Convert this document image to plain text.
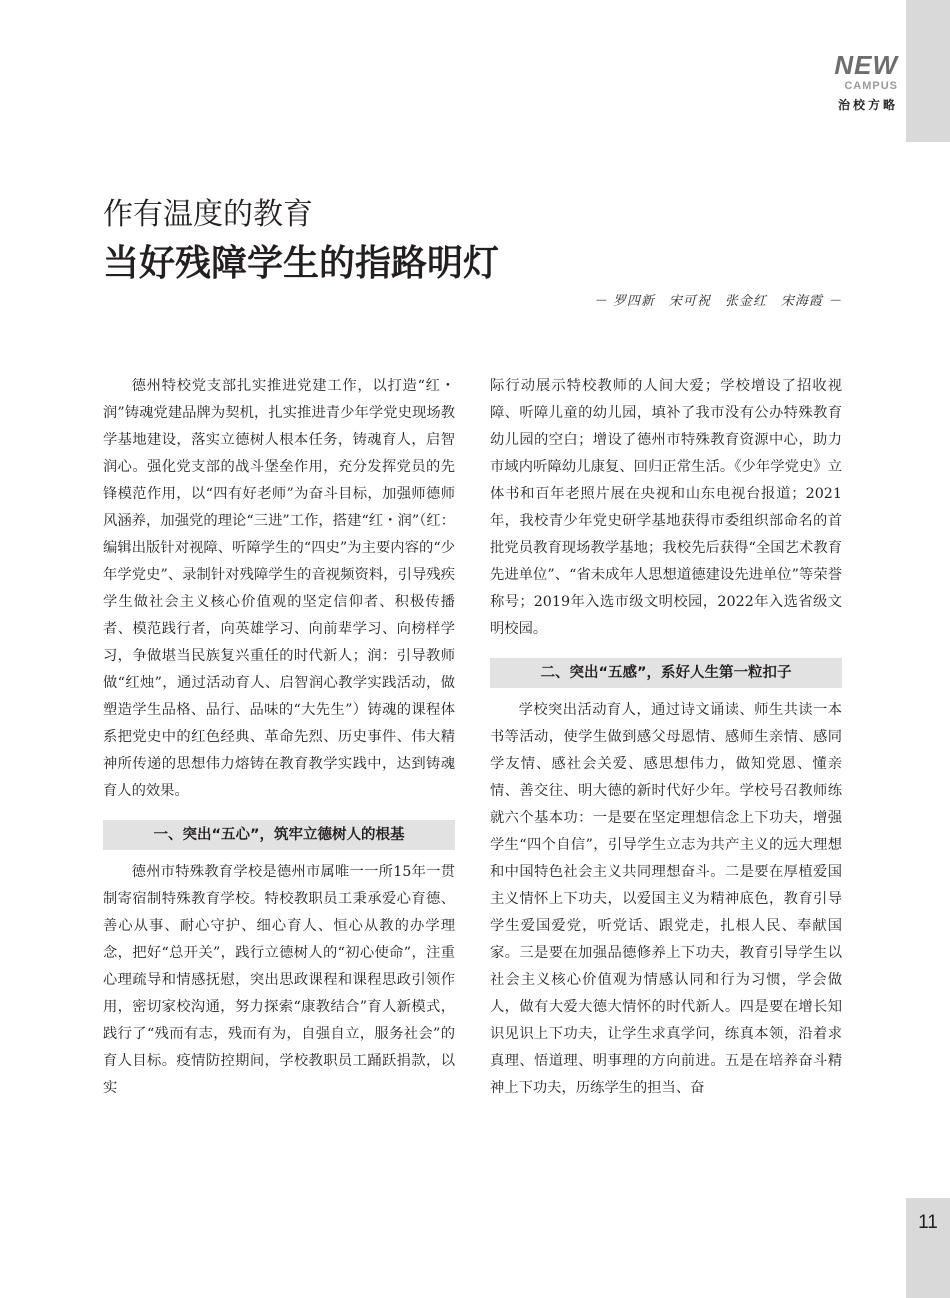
NEW
CAMPUS
治校方略
作有温度的教育
当好残障学生的指路明灯
－ 罗四新　宋可祝　张金红　宋海霞 －

德州特校党支部扎实推进党建工作，以打造“红・润”铸魂党建品牌为契机，扎实推进青少年学党史现场教学基地建设，落实立德树人根本任务，铸魂育人，启智润心。强化党支部的战斗堡垒作用，充分发挥党员的先锋模范作用，以“四有好老师”为奋斗目标，加强师德师风涵养，加强党的理论“三进”工作，搭建“红・润”（红：编辑出版针对视障、听障学生的“四史”为主要内容的“少年学党史”、录制针对残障学生的音视频资料，引导残疾学生做社会主义核心价值观的坚定信仰者、积极传播者、模范践行者，向英雄学习、向前辈学习、向榜样学习，争做堪当民族复兴重任的时代新人；润：引导教师做“红烛”，通过活动育人、启智润心教学实践活动，做塑造学生品格、品行、品味的“大先生”）铸魂的课程体系把党史中的红色经典、革命先烈、历史事件、伟大精神所传递的思想伟力熔铸在教育教学实践中，达到铸魂育人的效果。

一、突出“五心”，筑牢立德树人的根基

德州市特殊教育学校是德州市属唯一一所15年一贯制寄宿制特殊教育学校。特校教职员工秉承爱心育德、善心从事、耐心守护、细心育人、恒心从教的办学理念，把好“总开关”，践行立德树人的“初心使命”，注重心理疏导和情感抚慰，突出思政课程和课程思政引领作用，密切家校沟通，努力探索“康教结合”育人新模式，践行了“残而有志，残而有为，自强自立，服务社会”的育人目标。疫情防控期间，学校教职员工踊跃捐款，以实

际行动展示特校教师的人间大爱；学校增设了招收视障、听障儿童的幼儿园，填补了我市没有公办特殊教育幼儿园的空白；增设了德州市特殊教育资源中心，助力市域内听障幼儿康复、回归正常生活。《少年学党史》立体书和百年老照片展在央视和山东电视台报道；2021年，我校青少年党史研学基地获得市委组织部命名的首批党员教育现场教学基地；我校先后获得“全国艺术教育先进单位”、“省未成年人思想道德建设先进单位”等荣誉称号；2019年入选市级文明校园，2022年入选省级文明校园。

二、突出“五感”，系好人生第一粒扣子

学校突出活动育人，通过诗文诵读、师生共读一本书等活动，使学生做到感父母恩情、感师生亲情、感同学友情、感社会关爱、感思想伟力，做知党恩、懂亲情、善交往、明大德的新时代好少年。学校号召教师练就六个基本功：一是要在坚定理想信念上下功夫，增强学生“四个自信”，引导学生立志为共产主义的远大理想和中国特色社会主义共同理想奋斗。二是要在厚植爱国主义情怀上下功夫，以爱国主义为精神底色，教育引导学生爱国爱党，听党话、跟党走，扎根人民、奉献国家。三是要在加强品德修养上下功夫，教育引导学生以社会主义核心价值观为情感认同和行为习惯，学会做人，做有大爱大德大情怀的时代新人。四是要在增长知识见识上下功夫，让学生求真学问，练真本领，沿着求真理、悟道理、明事理的方向前进。五是在培养奋斗精神上下功夫，历练学生的担当、奋

11
